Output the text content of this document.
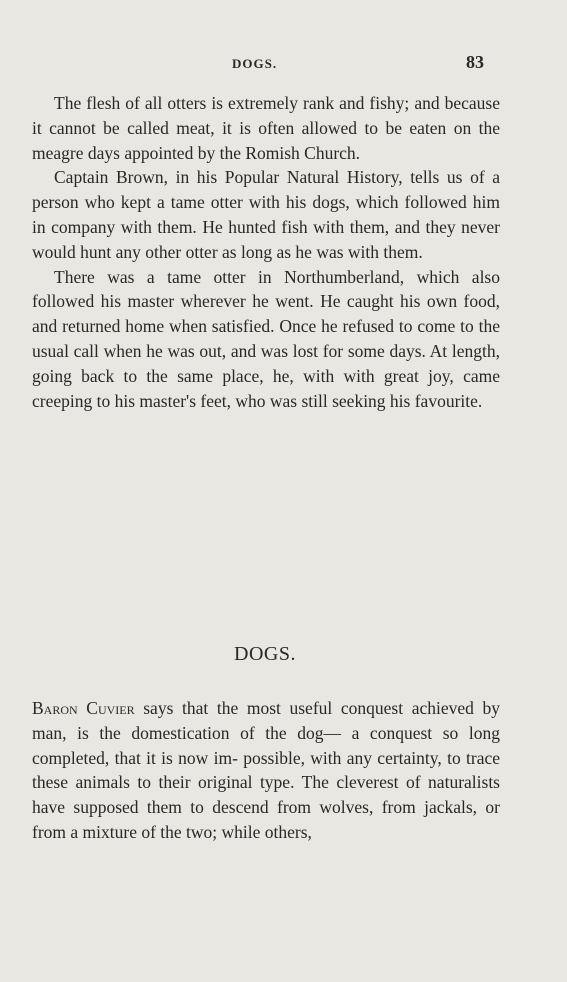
DOGS.	83

The flesh of all otters is extremely rank and fishy; and because it cannot be called meat, it is often allowed to be eaten on the meagre days appointed by the Romish Church.

Captain Brown, in his Popular Natural History, tells us of a person who kept a tame otter with his dogs, which followed him in company with them. He hunted fish with them, and they never would hunt any other otter as long as he was with them.

There was a tame otter in Northumberland, which also followed his master wherever he went. He caught his own food, and returned home when satisfied. Once he refused to come to the usual call when he was out, and was lost for some days. At length, going back to the same place, he, with with great joy, came creeping to his master's feet, who was still seeking his favourite.

DOGS.

Baron Cuvier says that the most useful conquest achieved by man, is the domestication of the dog— a conquest so long completed, that it is now im- possible, with any certainty, to trace these animals to their original type. The cleverest of naturalists have supposed them to descend from wolves, from jackals, or from a mixture of the two; while others,
